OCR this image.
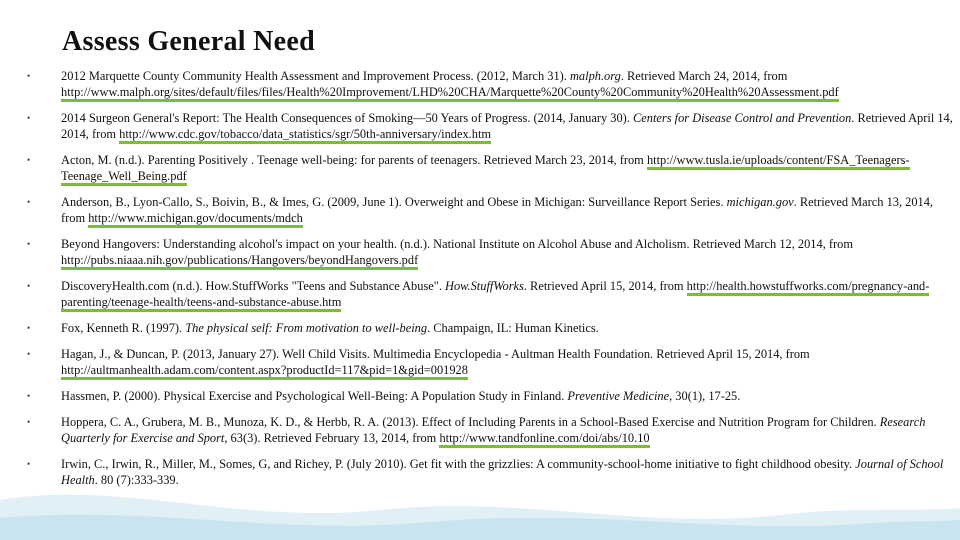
Assess General Need
• 2012 Marquette County Community Health Assessment and Improvement Process. (2012, March 31). malph.org. Retrieved March 24, 2014, from http://www.malph.org/sites/default/files/files/Health%20Improvement/LHD%20CHA/Marquette%20County%20Community%20Health%20Assessment.pdf
• 2014 Surgeon General's Report: The Health Consequences of Smoking—50 Years of Progress. (2014, January 30). Centers for Disease Control and Prevention. Retrieved April 14, 2014, from http://www.cdc.gov/tobacco/data_statistics/sgr/50th-anniversary/index.htm
• Acton, M. (n.d.). Parenting Positively . Teenage well-being: for parents of teenagers. Retrieved March 23, 2014, from http://www.tusla.ie/uploads/content/FSA_Teenagers-Teenage_Well_Being.pdf
• Anderson, B., Lyon-Callo, S., Boivin, B., & Imes, G. (2009, June 1). Overweight and Obese in Michigan: Surveillance Report Series. michigan.gov. Retrieved March 13, 2014, from http://www.michigan.gov/documents/mdch
• Beyond Hangovers: Understanding alcohol's impact on your health. (n.d.). National Institute on Alcohol Abuse and Alcholism. Retrieved March 12, 2014, from http://pubs.niaaa.nih.gov/publications/Hangovers/beyondHangovers.pdf
• DiscoveryHealth.com (n.d.). How.StuffWorks "Teens and Substance Abuse". How.StuffWorks. Retrieved April 15, 2014, from http://health.howstuffworks.com/pregnancy-and-parenting/teenage-health/teens-and-substance-abuse.htm
• Fox, Kenneth R. (1997). The physical self: From motivation to well-being. Champaign, IL: Human Kinetics.
• Hagan, J., & Duncan, P. (2013, January 27). Well Child Visits. Multimedia Encyclopedia - Aultman Health Foundation. Retrieved April 15, 2014, from http://aultmanhealth.adam.com/content.aspx?productId=117&pid=1&gid=001928
• Hassmen, P. (2000). Physical Exercise and Psychological Well-Being: A Population Study in Finland. Preventive Medicine, 30(1), 17-25.
• Hoppera, C. A., Grubera, M. B., Munoza, K. D., & Herbb, R. A. (2013). Effect of Including Parents in a School-Based Exercise and Nutrition Program for Children. Research Quarterly for Exercise and Sport, 63(3). Retrieved February 13, 2014, from http://www.tandfonline.com/doi/abs/10.10
• Irwin, C., Irwin, R., Miller, M., Somes, G, and Richey, P. (July 2010). Get fit with the grizzlies: A community-school-home initiative to fight childhood obesity. Journal of School Health. 80 (7):333-339.
